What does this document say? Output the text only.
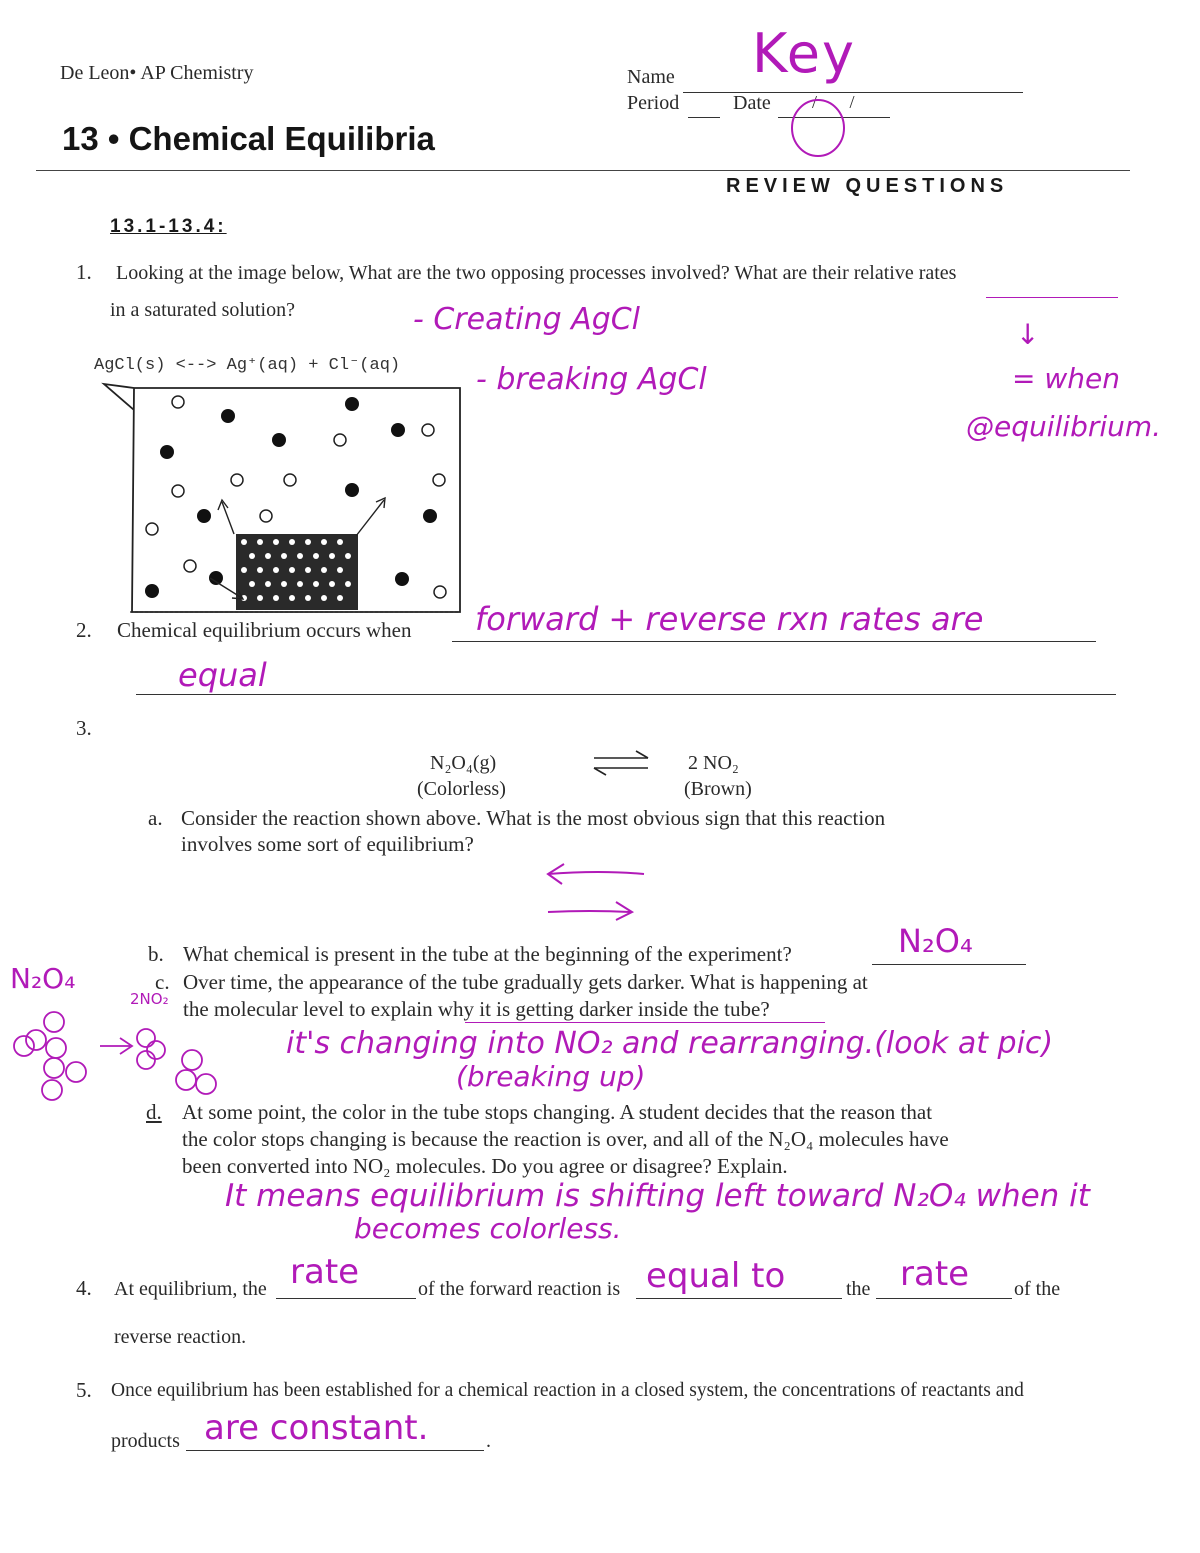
De Leon• AP Chemistry	Name Key
Period	Date / /
13 • Chemical Equilibria
REVIEW QUESTIONS
13.1-13.4:
1. Looking at the image below, What are the two opposing processes involved? What are their relative rates
in a saturated solution?
AgCl(s) <--> Ag⁺(aq) + Cl⁻(aq)
- Creating AgCl
- breaking AgCl
↓
= when
@equilibrium.
2. Chemical equilibrium occurs when forward + reverse rxn rates are
equal
3.
N₂O₄(g)
(Colorless)
2 NO₂
(Brown)
a. Consider the reaction shown above. What is the most obvious sign that this reaction
involves some sort of equilibrium?
b. What chemical is present in the tube at the beginning of the experiment?	N₂O₄
c. Over time, the appearance of the tube gradually gets darker. What is happening at
the molecular level to explain why it is getting darker inside the tube?
N₂O₄
2NO₂
it's changing into NO₂ and rearranging.(look at pic)
(breaking up)
d. At some point, the color in the tube stops changing. A student decides that the reason that
the color stops changing is because the reaction is over, and all of the N₂O₄ molecules have
been converted into NO₂ molecules. Do you agree or disagree? Explain.
It means equilibrium is shifting left toward N₂O₄ when it
becomes colorless.
4. At equilibrium, the rate	of the forward reaction is equal to	the rate of the
reverse reaction.
5. Once equilibrium has been established for a chemical reaction in a closed system, the concentrations of reactants and
products are constant.	.
